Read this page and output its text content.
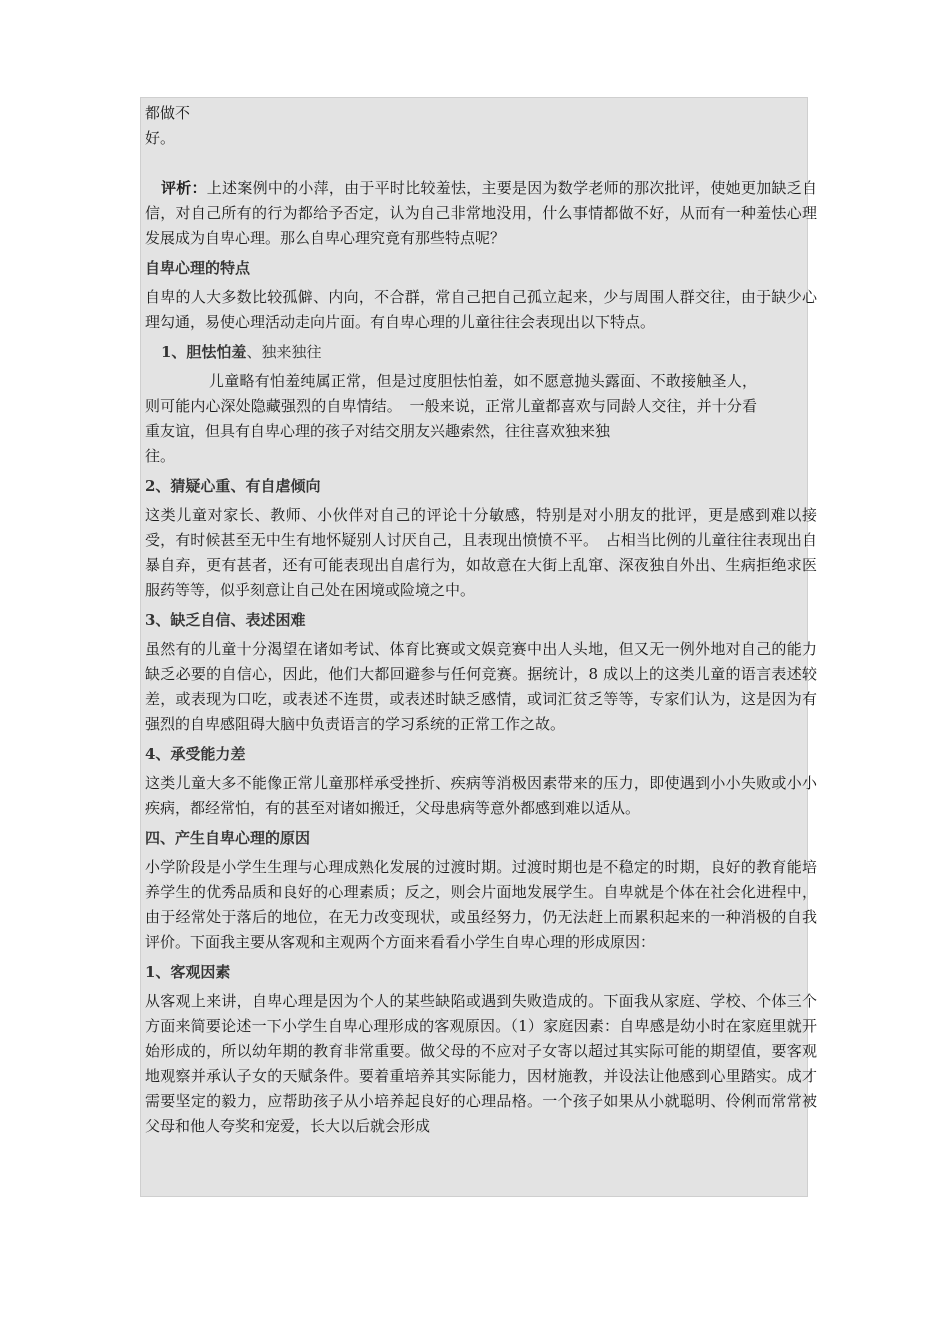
都做不

好。

评析：上述案例中的小萍，由于平时比较羞怯，主要是因为数学老师的那次批评，使她更加缺乏自信，对自己所有的行为都给予否定，认为自己非常地没用，什么事情都做不好，从而有一种羞怯心理发展成为自卑心理。那么自卑心理究竟有那些特点呢？

自卑心理的特点

自卑的人大多数比较孤僻、内向，不合群，常自己把自己孤立起来，少与周围人群交往，由于缺少心理勾通，易使心理活动走向片面。有自卑心理的儿童往往会表现出以下特点。

1、胆怯怕羞、独来独往

儿童略有怕羞纯属正常，但是过度胆怯怕羞，如不愿意抛头露面、不敢接触圣人，则可能内心深处隐藏强烈的自卑情结。　一般来说，正常儿童都喜欢与同龄人交往，并十分看重友谊，但具有自卑心理的孩子对结交朋友兴趣索然，往往喜欢独来独

往。

2、猜疑心重、有自虐倾向

这类儿童对家长、教师、小伙伴对自己的评论十分敏感，特别是对小朋友的批评，更是感到难以接受，有时候甚至无中生有地怀疑别人讨厌自己，且表现出愤愤不平。　占相当比例的儿童往往表现出自暴自弃，更有甚者，还有可能表现出自虐行为，如故意在大街上乱窜、深夜独自外出、生病拒绝求医服药等等，似乎刻意让自己处在困境或险境之中。

3、缺乏自信、表述困难

虽然有的儿童十分渴望在诸如考试、体育比赛或文娱竞赛中出人头地，但又无一例外地对自己的能力缺乏必要的自信心，因此，他们大都回避参与任何竞赛。据统计，8 成以上的这类儿童的语言表述较差，或表现为口吃，或表述不连贯，或表述时缺乏感情，或词汇贫乏等等，专家们认为，这是因为有强烈的自卑感阻碍大脑中负责语言的学习系统的正常工作之故。

4、承受能力差

这类儿童大多不能像正常儿童那样承受挫折、疾病等消极因素带来的压力，即使遇到小小失败或小小疾病，都经常怕，有的甚至对诸如搬迁，父母患病等意外都感到难以适从。

四、产生自卑心理的原因

小学阶段是小学生生理与心理成熟化发展的过渡时期。过渡时期也是不稳定的时期，良好的教育能培养学生的优秀品质和良好的心理素质；反之，则会片面地发展学生。自卑就是个体在社会化进程中，由于经常处于落后的地位，在无力改变现状，或虽经努力，仍无法赶上而累积起来的一种消极的自我评价。下面我主要从客观和主观两个方面来看看小学生自卑心理的形成原因：

1、客观因素

从客观上来讲，自卑心理是因为个人的某些缺陷或遇到失败造成的。下面我从家庭、学校、个体三个方面来简要论述一下小学生自卑心理形成的客观原因。（1）家庭因素：自卑感是幼小时在家庭里就开始形成的，所以幼年期的教育非常重要。做父母的不应对子女寄以超过其实际可能的期望值，要客观地观察并承认子女的天赋条件。要着重培养其实际能力，因材施教，并设法让他感到心里踏实。成才需要坚定的毅力，应帮助孩子从小培养起良好的心理品格。一个孩子如果从小就聪明、伶俐而常常被父母和他人夸奖和宠爱，长大以后就会形成
